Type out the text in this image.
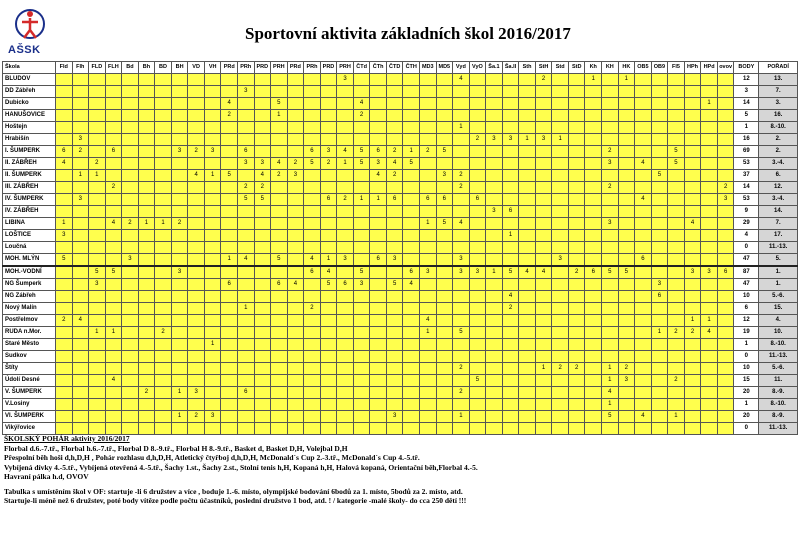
AŠSK
Sportovní aktivita základních škol 2016/2017
Škola	Fld	Flh	FLD	FLH	Bd	Bh	BD	BH	VD	VH	PRd	PRh	PRD	PRH	PRd	PRh	PRD	PRH	ČTd	ČTh	ČTD	ČTH	MD3	MD5	Vyd	VyO	Ša.1	Ša.II	Sth	StH	Std	StD	Kh	KH	HK	OB5	OB9	Fl5	HPh	HPd	ovov	BODY	POŘADÍ
BLUDOV																		3							4					2			1		1							12	13.
DD Zábřeh												3																														3	7.
Dubicko											4			5					4																					1		14	3.
HANUŠOVICE											2			1					2																							5	16.
Hoštejn																									1																	1	8.-10.
Hrabišín		3																								2	3	3	1	3	1											16	2.
I. ŠUMPERK	6	2		6				3	2	3		6				6	3	4	5	6	2	1	2	5										2				5				69	2.
II. ZÁBŘEH	4		2									3	3	4	2	5	2	1	5	3	4	5												3		4		5				53	3.-4.
II. ŠUMPERK		1	1						4	1	5		4	2	3					4	2			3	2												5					37	6.
III. ZÁBŘEH				2								2	2												2									2							2	14	12.
IV. ŠUMPERK		3										5	5				6	2	1	1	6		6	6		6										4					3	53	3.-4.
IV. ZÁBŘEH																											3	6														9	14.
LIBINA	1			4	2	1	1	2															1	5	4									3					4			29	7.
LOŠTICE	3																											1														4	17.
Loučná																																										0	11.-13.
MOH. MLÝN	5				3						1	4		5		4	1	3		6	3				3						3					6						47	5.
MOH.-VODNÍ			5	5				3								6	4		5			6	3		3	3	1	5	4	4		2	6	5	5				3	3	6	87	1.
NG Šumperk			3								6			6	4		5	6	3		5	4															3					47	1.
NG Zábřeh																												4									6					10	5.-6.
Nový Malín												1				2												2														6	15.
Postřelmov	2	4																					4																1	1		12	4.
RUDA n.Mor.			1	1			2																1		5												1	2	2	4		19	10.
Staré Město										1																																1	8.-10.
Sudkov																																										0	11.-13.
Štíty																									2					1	2	2		1	2							10	5.-6.
Údolí Desné				4																						5								1	3			2				15	11.
V. ŠUMPERK						2		1	3			6													2									4								20	8.-9.
V.Losiny																																		1								1	8.-10.
VI. ŠUMPERK								1	2	3											3				1									5		4		1				20	8.-9.
Vikýřovice																																										0	11.-13.
ŠKOLSKÝ POHÁR aktivity 2016/2017
Florbal d.6.-7.tř., Florbal h.6.-7.tř., Florbal D 8.-9.tř., Florbal H 8.-9.tř., Basket d, Basket D,H, Volejbal D,H
Přespolní běh hoši d,h,D,H , Pohár rozhlasu d,h,D,H, Atletický čtyřboj d,h,D,H, McDonald´s Cup 2.-3.tř., McDonald´s Cup 4.-5.tř.
Vybíjená dívky 4.-5.tř., Vybíjená otevřená 4.-5.tř., Šachy 1.st., Šachy 2.st., Stolní tenis h,H, Kopaná h,H, Halová kopaná, Orientační běh,Florbal 4.-5.
Havraní pálka h.d, OVOV
Tabulka s umístěním škol v OF: startuje -li 6 družstev a více , boduje 1.-6. místo, olympijské bodování 6bodů za 1. místo, 5bodů za 2. místo, atd.
Startuje-li méně než 6 družstev, poté body vítěze podle počtu účastníků, poslední družstvo 1 bod, atd. ! / kategorie -malé školy- do cca 250 dětí !!!
